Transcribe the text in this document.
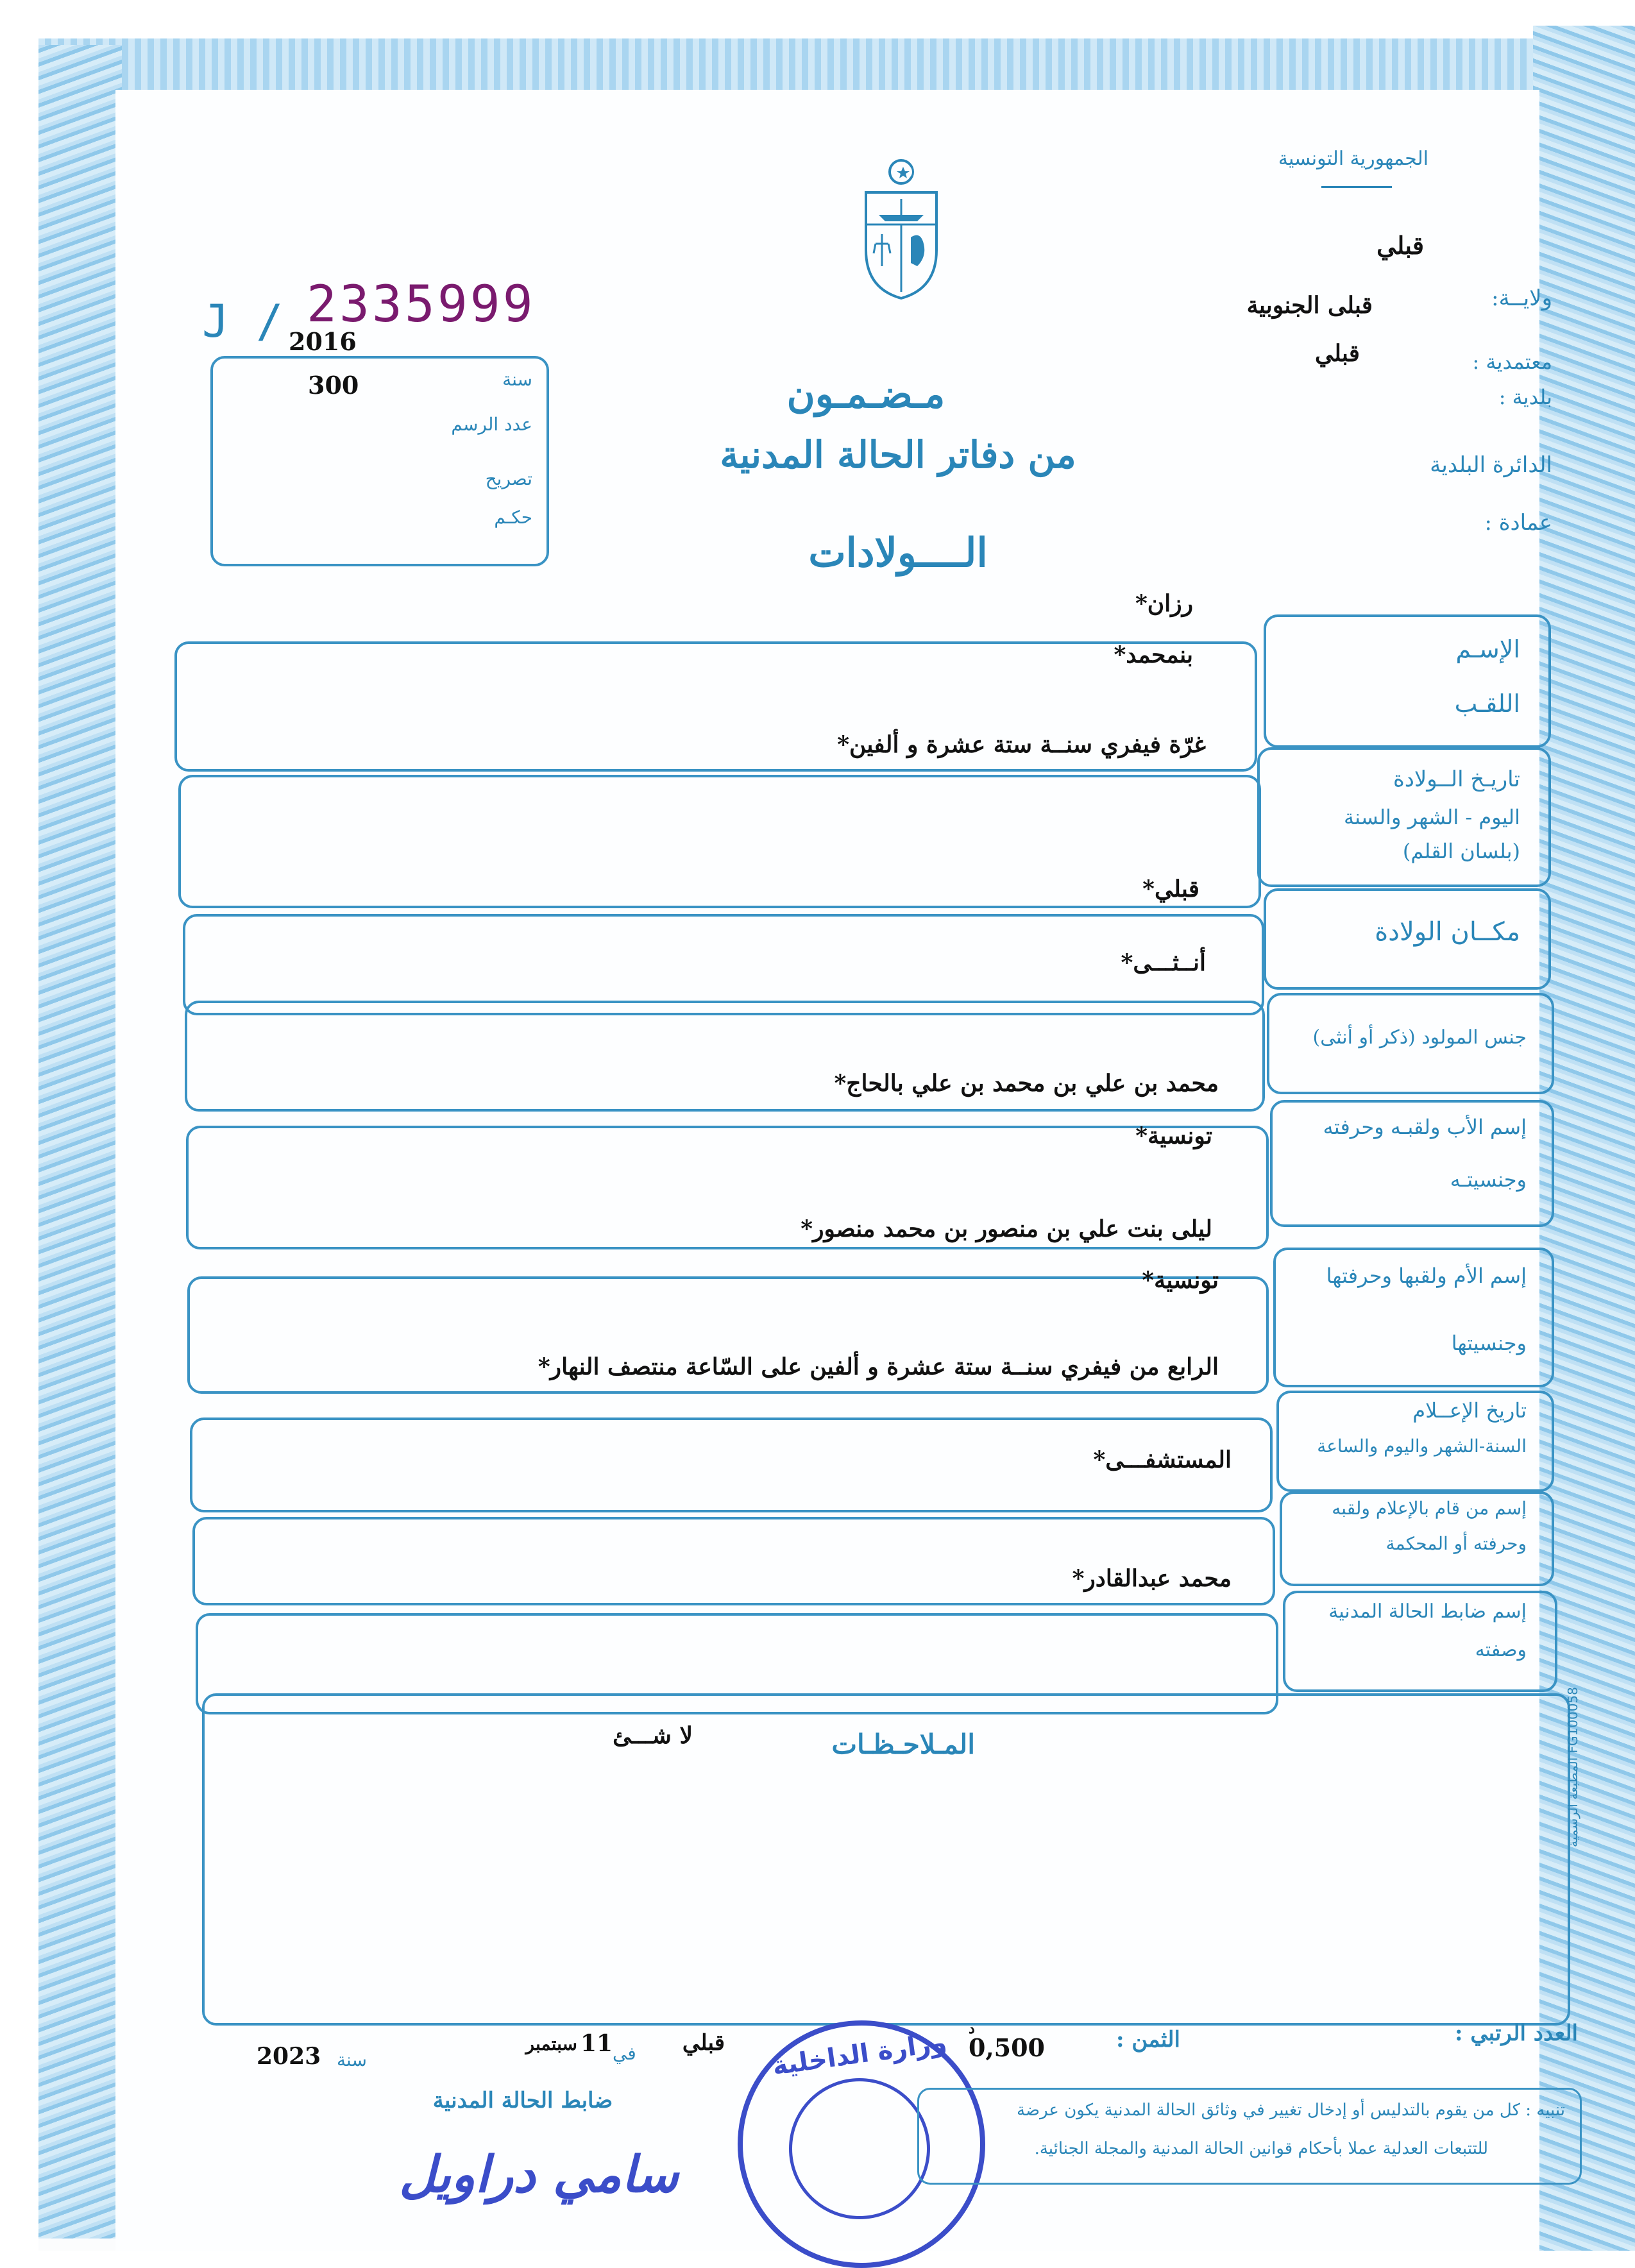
الجمهورية التونسية
ولايــة:
قبلي
قبلى الجنوبية
معتمدية :
قبلي
بلدية :
الدائرة البلدية
عمادة :
J / 2335999
2016
سنة
300
عدد الرسم
تصريح
حكـم
مـضـمـون
من دفاتر الحالة المدنية
الــــولادات
الإسـم
اللقـب
رزان*
بنمحمد*
تاريـخ الــولادة
اليوم - الشهر والسنة
(بلسان القلم)
غرّة فيفري سنــة ستة عشرة و ألفين*
مكــان الولادة
قبلي*
جنس المولود (ذكر أو أنثى)
أنــثـــى*
إسم الأب ولقبـه وحرفته
وجنسيتـه
محمد بن علي بن محمد بن علي بالحاج*
تونسية*
إسم الأم ولقبها وحرفتها
وجنسيتها
ليلى بنت علي بن منصور بن محمد منصور*
تونسية*
تاريخ الإعــلام
السنة-الشهر واليوم والساعة
الرابع من فيفري سنــة ستة عشرة و ألفين على السّاعة منتصف النهار*
إسم من قام بالإعلام ولقبه
وحرفته أو المحكمة
المستشفـــى*
إسم ضابط الحالة المدنية
وصفته
محمد عبدالقادر*
المـلاحـظـات
لا شـــئ
المطبعة الرسمية FG100058
العدد الرتبي :
الثمن :
0,500
د
قبلي
في
11
سبتمبر
سنة
2023
ضابط الحالة المدنية
سامي دراويل
وزارة الداخلية
تنبيه : كل من يقوم بالتدليس أو إدخال تغيير في وثائق الحالة المدنية يكون عرضة
للتتبعات العدلية عملا بأحكام قوانين الحالة المدنية والمجلة الجنائية.
